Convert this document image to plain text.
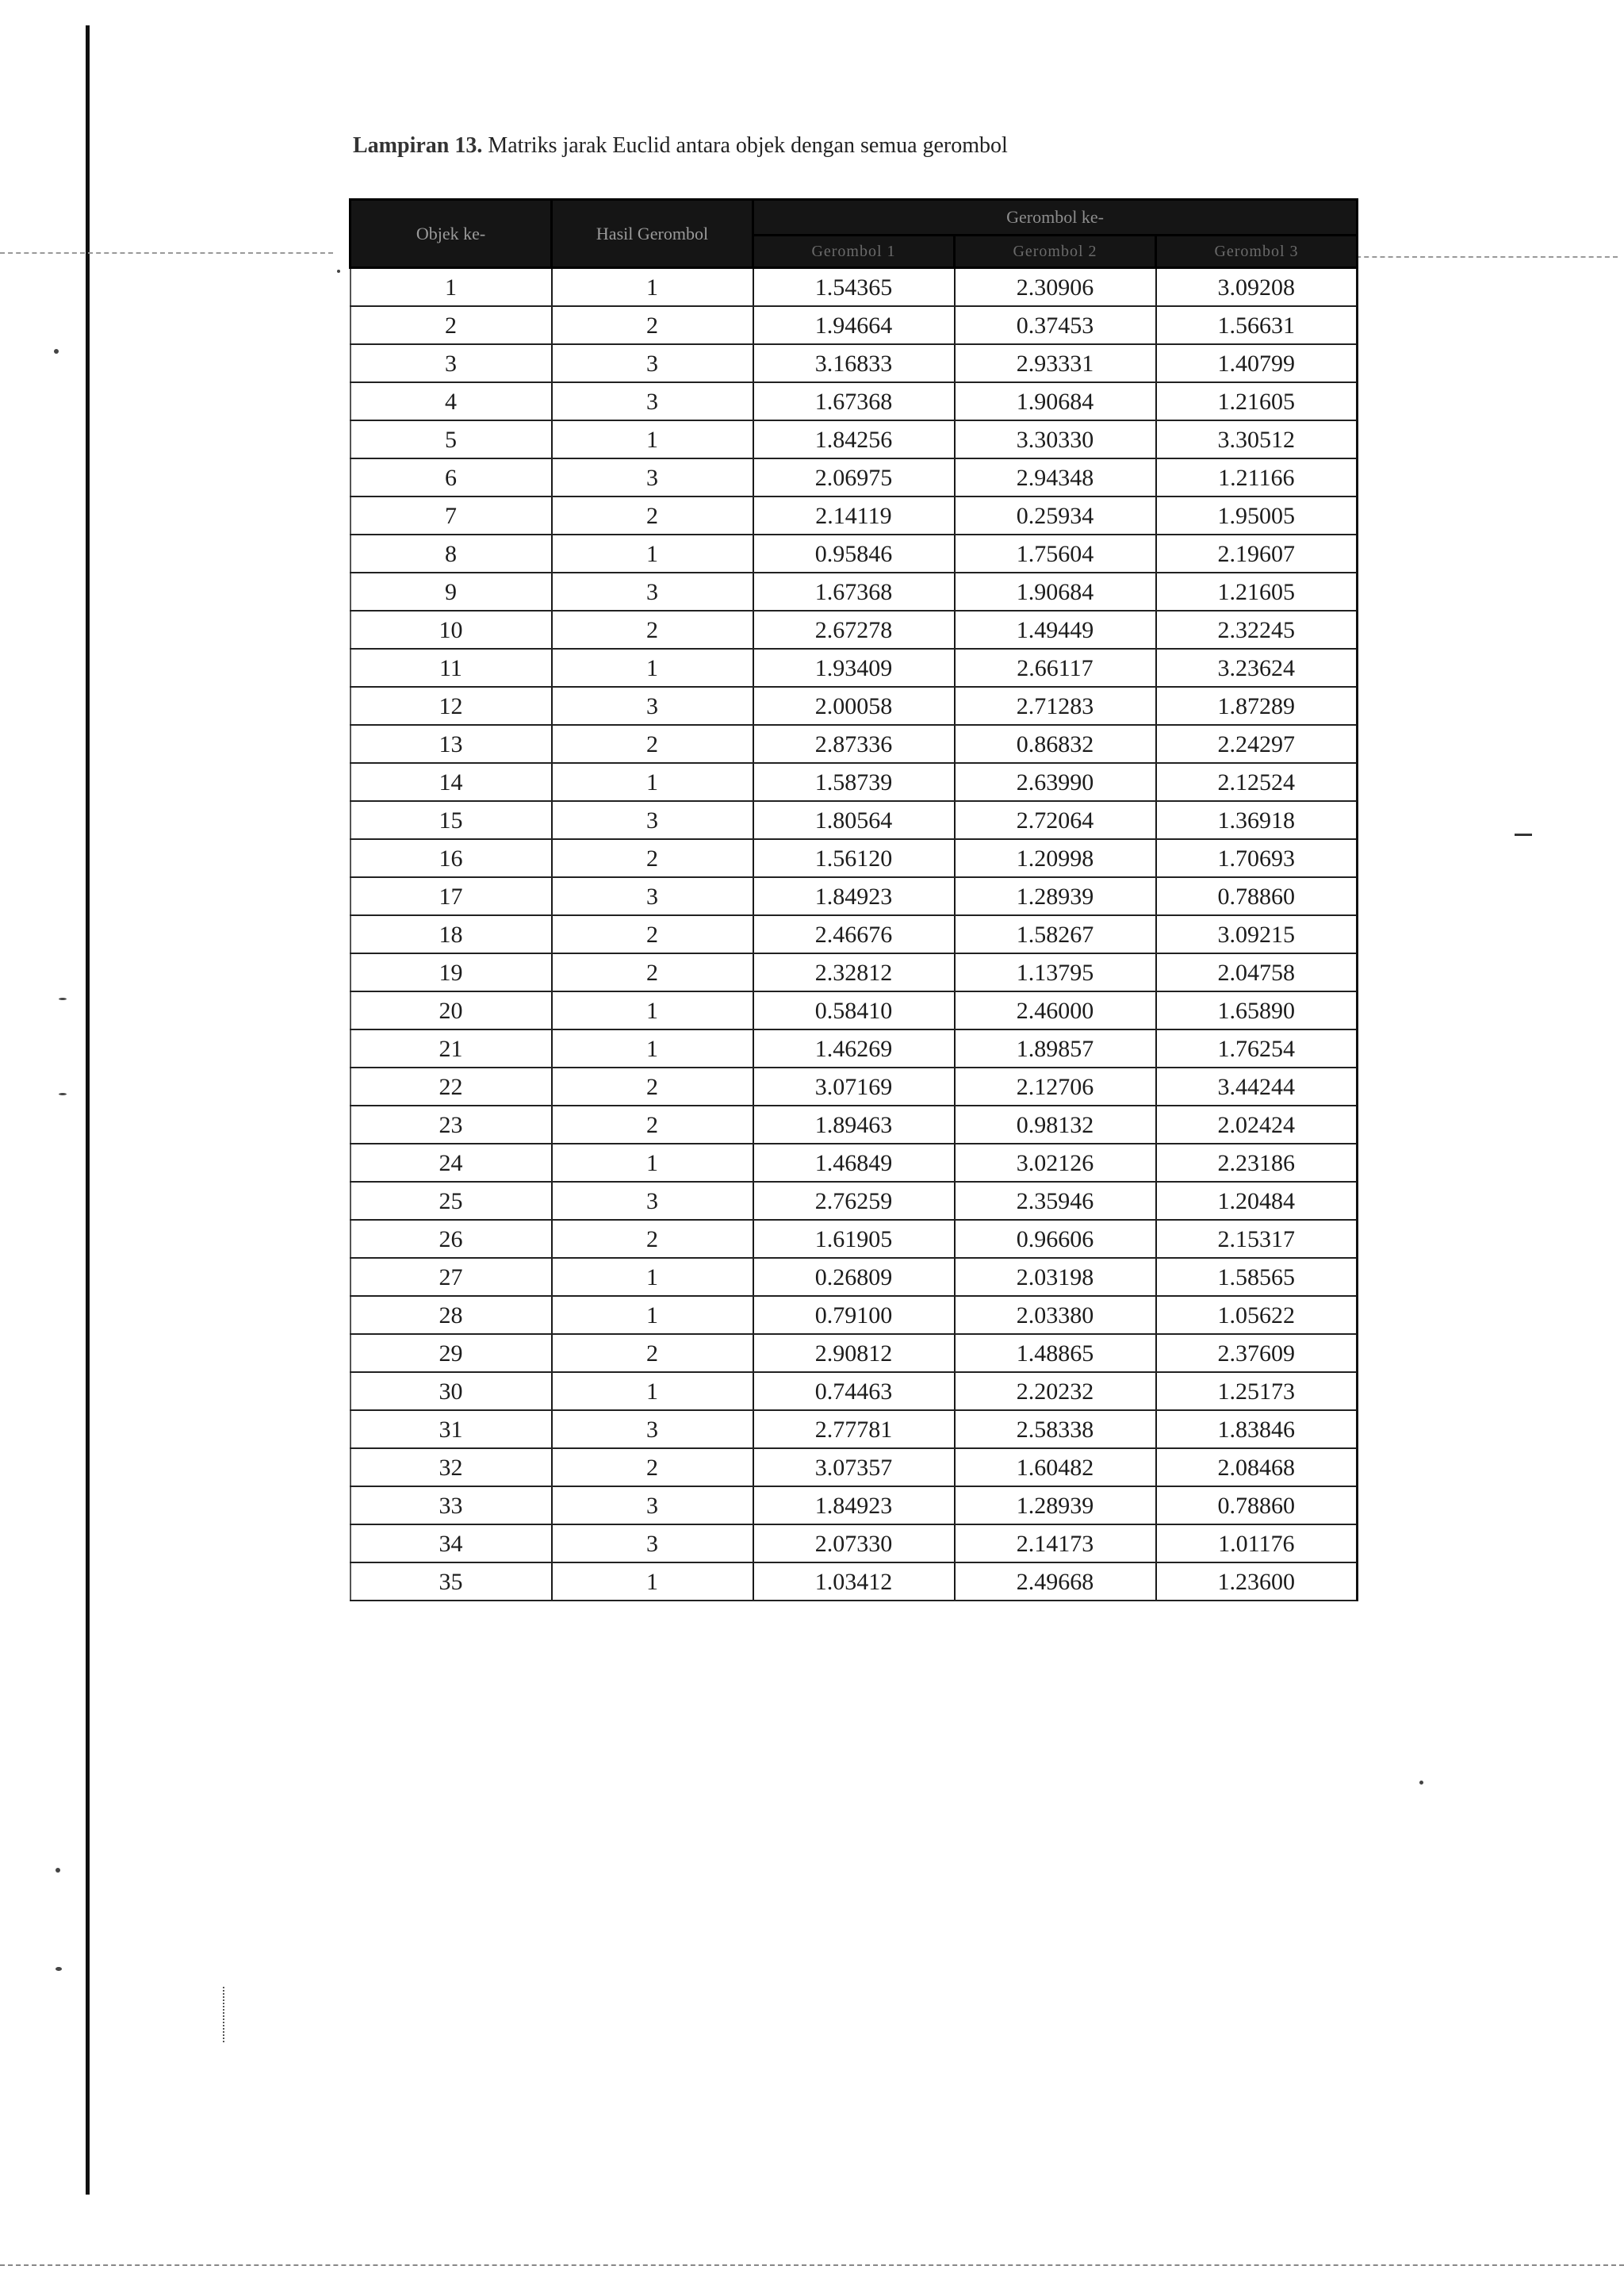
Lampiran 13. Matriks jarak Euclid antara objek dengan semua gerombol
Objek ke-	Hasil Gerombol	Gerombol ke-		
		Gerombol 1	Gerombol 2	Gerombol 3
1	1	1.54365	2.30906	3.09208
2	2	1.94664	0.37453	1.56631
3	3	3.16833	2.93331	1.40799
4	3	1.67368	1.90684	1.21605
5	1	1.84256	3.30330	3.30512
6	3	2.06975	2.94348	1.21166
7	2	2.14119	0.25934	1.95005
8	1	0.95846	1.75604	2.19607
9	3	1.67368	1.90684	1.21605
10	2	2.67278	1.49449	2.32245
11	1	1.93409	2.66117	3.23624
12	3	2.00058	2.71283	1.87289
13	2	2.87336	0.86832	2.24297
14	1	1.58739	2.63990	2.12524
15	3	1.80564	2.72064	1.36918
16	2	1.56120	1.20998	1.70693
17	3	1.84923	1.28939	0.78860
18	2	2.46676	1.58267	3.09215
19	2	2.32812	1.13795	2.04758
20	1	0.58410	2.46000	1.65890
21	1	1.46269	1.89857	1.76254
22	2	3.07169	2.12706	3.44244
23	2	1.89463	0.98132	2.02424
24	1	1.46849	3.02126	2.23186
25	3	2.76259	2.35946	1.20484
26	2	1.61905	0.96606	2.15317
27	1	0.26809	2.03198	1.58565
28	1	0.79100	2.03380	1.05622
29	2	2.90812	1.48865	2.37609
30	1	0.74463	2.20232	1.25173
31	3	2.77781	2.58338	1.83846
32	2	3.07357	1.60482	2.08468
33	3	1.84923	1.28939	0.78860
34	3	2.07330	2.14173	1.01176
35	1	1.03412	2.49668	1.23600
